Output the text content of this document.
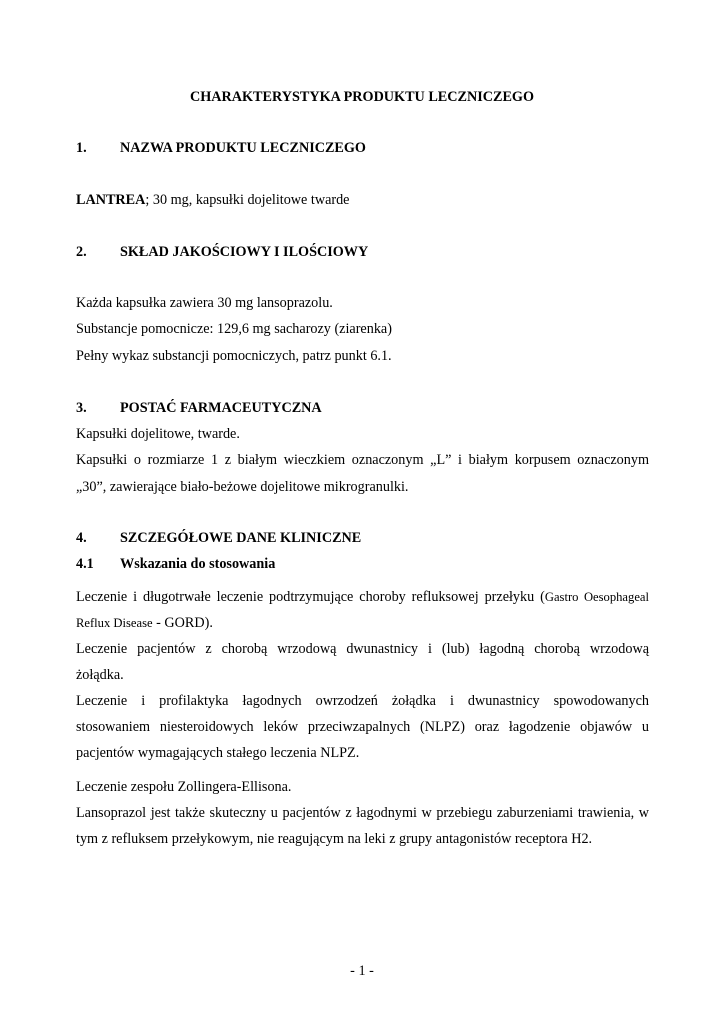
CHARAKTERYSTYKA PRODUKTU LECZNICZEGO
1. NAZWA PRODUKTU LECZNICZEGO
LANTREA; 30 mg, kapsułki dojelitowe twarde
2. SKŁAD JAKOŚCIOWY I ILOŚCIOWY
Każda kapsułka zawiera 30 mg lansoprazolu.
Substancje pomocnicze: 129,6 mg sacharozy (ziarenka)
Pełny wykaz substancji pomocniczych, patrz punkt 6.1.
3. POSTAĆ FARMACEUTYCZNA
Kapsułki dojelitowe, twarde.
Kapsułki o rozmiarze 1 z białym wieczkiem oznaczonym „L” i białym korpusem oznaczonym
„30”, zawierające biało-beżowe dojelitowe mikrogranulki.
4. SZCZEGÓŁOWE DANE KLINICZNE
4.1 Wskazania do stosowania
Leczenie i długotrwałe leczenie podtrzymujące choroby refluksowej przełyku (Gastro Oesophageal
Reflux Disease - GORD).
Leczenie pacjentów z chorobą wrzodową dwunastnicy i (lub) łagodną chorobą wrzodową
żołądka.
Leczenie i profilaktyka łagodnych owrzodzeń żołądka i dwunastnicy spowodowanych
stosowaniem niesteroidowych leków przeciwzapalnych (NLPZ) oraz łagodzenie objawów u
pacjentów wymagających stałego leczenia NLPZ.
Leczenie zespołu Zollingera-Ellisona.
Lansoprazol jest także skuteczny u pacjentów z łagodnymi w przebiegu zaburzeniami trawienia, w
tym z refluksem przełykowym, nie reagującym na leki z grupy antagonistów receptora H2.
- 1 -
